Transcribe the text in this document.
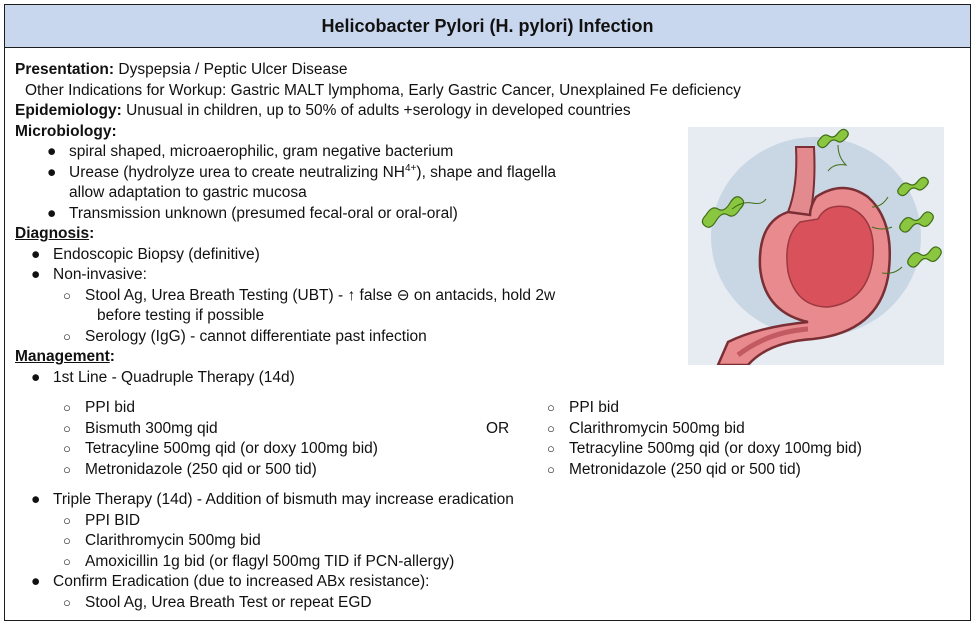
Helicobacter Pylori (H. pylori) Infection
Presentation: Dyspepsia / Peptic Ulcer Disease
Other Indications for Workup: Gastric MALT lymphoma, Early Gastric Cancer, Unexplained Fe deficiency
Epidemiology: Unusual in children, up to 50% of adults +serology in developed countries
Microbiology:
● spiral shaped, microaerophilic, gram negative bacterium
● Urease (hydrolyze urea to create neutralizing $NH^{4+}$), shape and flagella
allow adaptation to gastric mucosa
● Transmission unknown (presumed fecal-oral or oral-oral)
Diagnosis:
● Endoscopic Biopsy (definitive)
● Non-invasive:
○ Stool Ag, Urea Breath Testing (UBT) - ↑ false ⊖ on antacids, hold 2w
before testing if possible
○ Serology (IgG) - cannot differentiate past infection
Management:
● 1st Line - Quadruple Therapy (14d)
○ PPI bid
○ Bismuth 300mg qid
○ Tetracyline 500mg qid (or doxy 100mg bid)
○ Metronidazole (250 qid or 500 tid)
OR
○ PPI bid
○ Clarithromycin 500mg bid
○ Tetracyline 500mg qid (or doxy 100mg bid)
○ Metronidazole (250 qid or 500 tid)
● Triple Therapy (14d) - Addition of bismuth may increase eradication
○ PPI BID
○ Clarithromycin 500mg bid
○ Amoxicillin 1g bid (or flagyl 500mg TID if PCN-allergy)
● Confirm Eradication (due to increased ABx resistance):
○ Stool Ag, Urea Breath Test or repeat EGD
